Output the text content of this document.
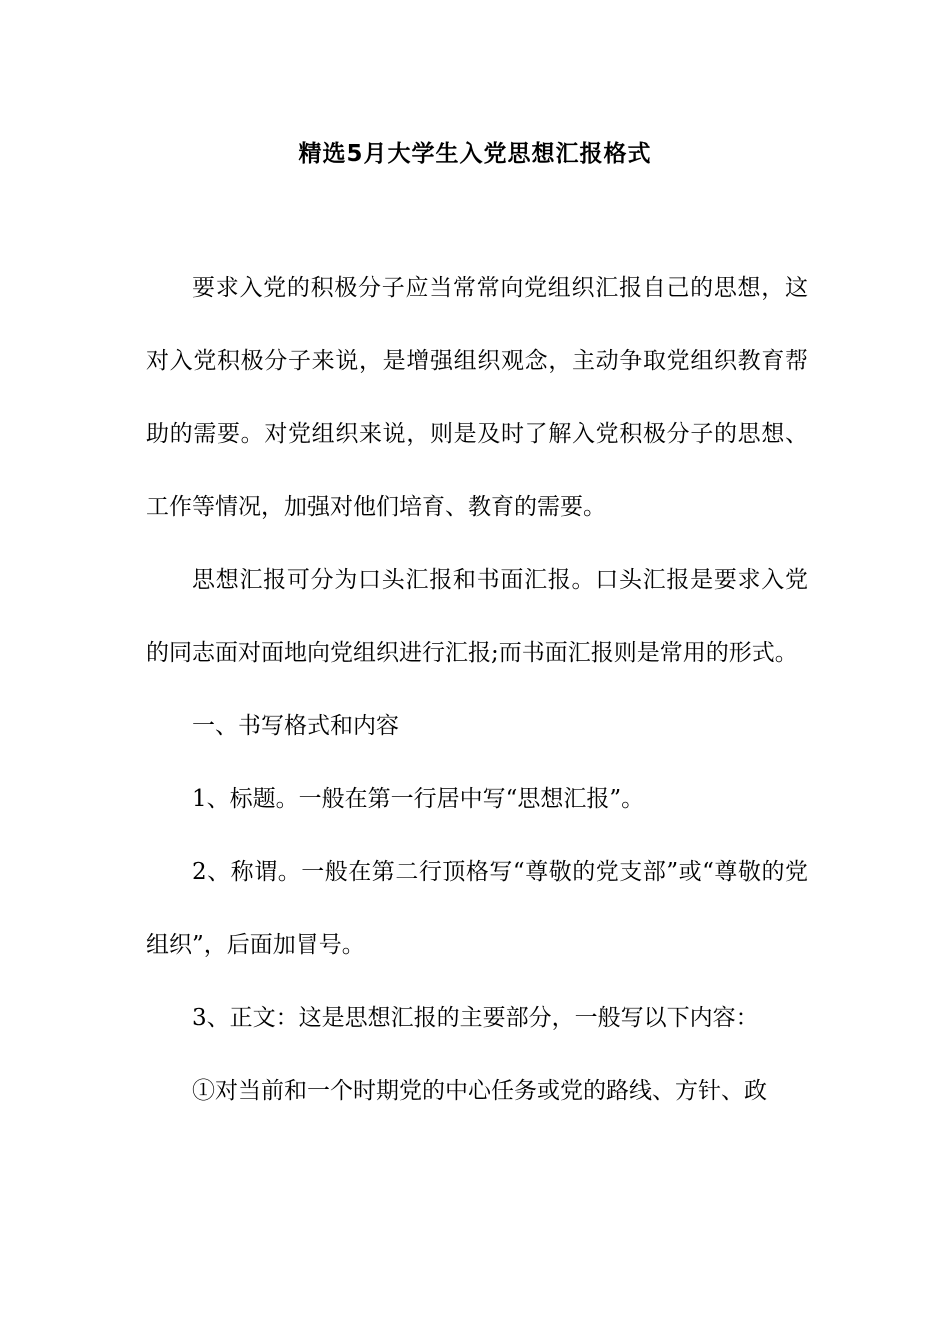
精选5月大学生入党思想汇报格式

要求入党的积极分子应当常常向党组织汇报自己的思想，这对入党积极分子来说，是增强组织观念，主动争取党组织教育帮助的需要。对党组织来说，则是及时了解入党积极分子的思想、工作等情况，加强对他们培育、教育的需要。

思想汇报可分为口头汇报和书面汇报。口头汇报是要求入党的同志面对面地向党组织进行汇报;而书面汇报则是常用的形式。

一、书写格式和内容

1、标题。一般在第一行居中写“思想汇报”。

2、称谓。一般在第二行顶格写“尊敬的党支部”或“尊敬的党组织”，后面加冒号。

3、正文：这是思想汇报的主要部分，一般写以下内容：

①对当前和一个时期党的中心任务或党的路线、方针、政
